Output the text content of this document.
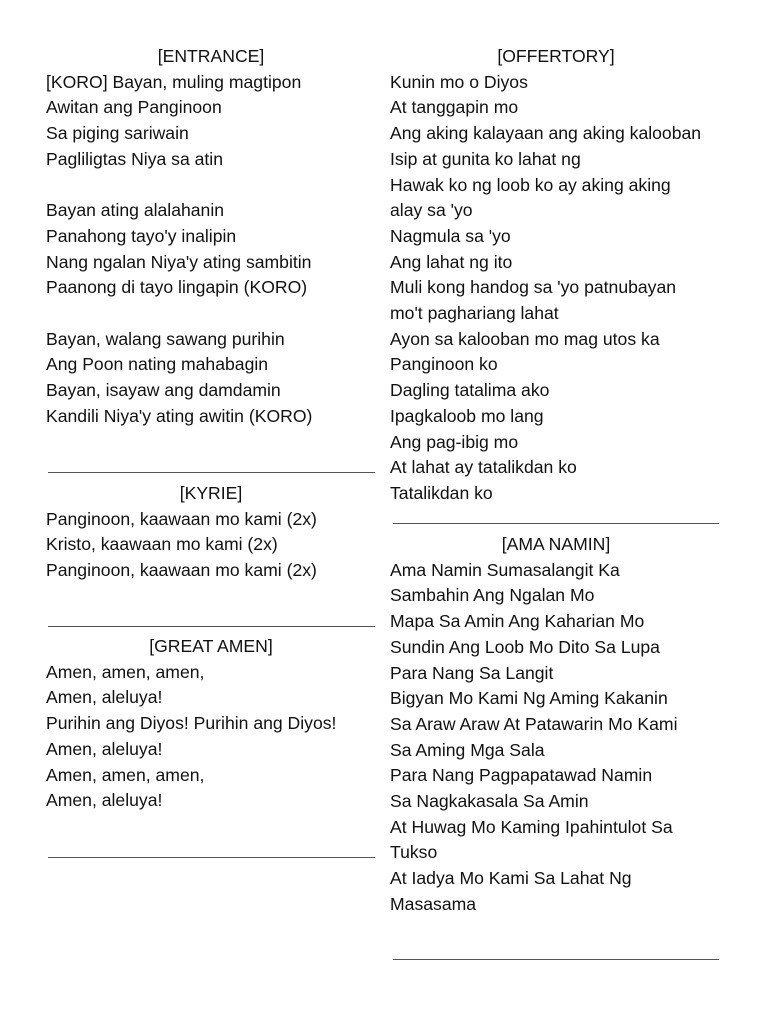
[ENTRANCE]
[KORO] Bayan, muling magtipon
Awitan ang Panginoon
Sa piging sariwain
Pagliligtas Niya sa atin
Bayan ating alalahanin
Panahong tayo'y inalipin
Nang ngalan Niya'y ating sambitin
Paanong di tayo lingapin (KORO)
Bayan, walang sawang purihin
Ang Poon nating mahabagin
Bayan, isayaw ang damdamin
Kandili Niya'y ating awitin (KORO)
[KYRIE]
Panginoon, kaawaan mo kami (2x)
Kristo, kaawaan mo kami (2x)
Panginoon, kaawaan mo kami (2x)
[GREAT AMEN]
Amen, amen, amen,
Amen, aleluya!
Purihin ang Diyos! Purihin ang Diyos!
Amen, aleluya!
Amen, amen, amen,
Amen, aleluya!
[OFFERTORY]
Kunin mo o Diyos
At tanggapin mo
Ang aking kalayaan ang aking kalooban
Isip at gunita ko lahat ng
Hawak ko ng loob ko ay aking aking
alay sa 'yo
Nagmula sa 'yo
Ang lahat ng ito
Muli kong handog sa 'yo patnubayan
mo't paghariang lahat
Ayon sa kalooban mo mag utos ka
Panginoon ko
Dagling tatalima ako
Ipagkaloob mo lang
Ang pag-ibig mo
At lahat ay tatalikdan ko
Tatalikdan ko
[AMA NAMIN]
Ama Namin Sumasalangit Ka
Sambahin Ang Ngalan Mo
Mapa Sa Amin Ang Kaharian Mo
Sundin Ang Loob Mo Dito Sa Lupa
Para Nang Sa Langit
Bigyan Mo Kami Ng Aming Kakanin
Sa Araw Araw At Patawarin Mo Kami
Sa Aming Mga Sala
Para Nang Pagpapatawad Namin
Sa Nagkakasala Sa Amin
At Huwag Mo Kaming Ipahintulot Sa
Tukso
At Iadya Mo Kami Sa Lahat Ng
Masasama
